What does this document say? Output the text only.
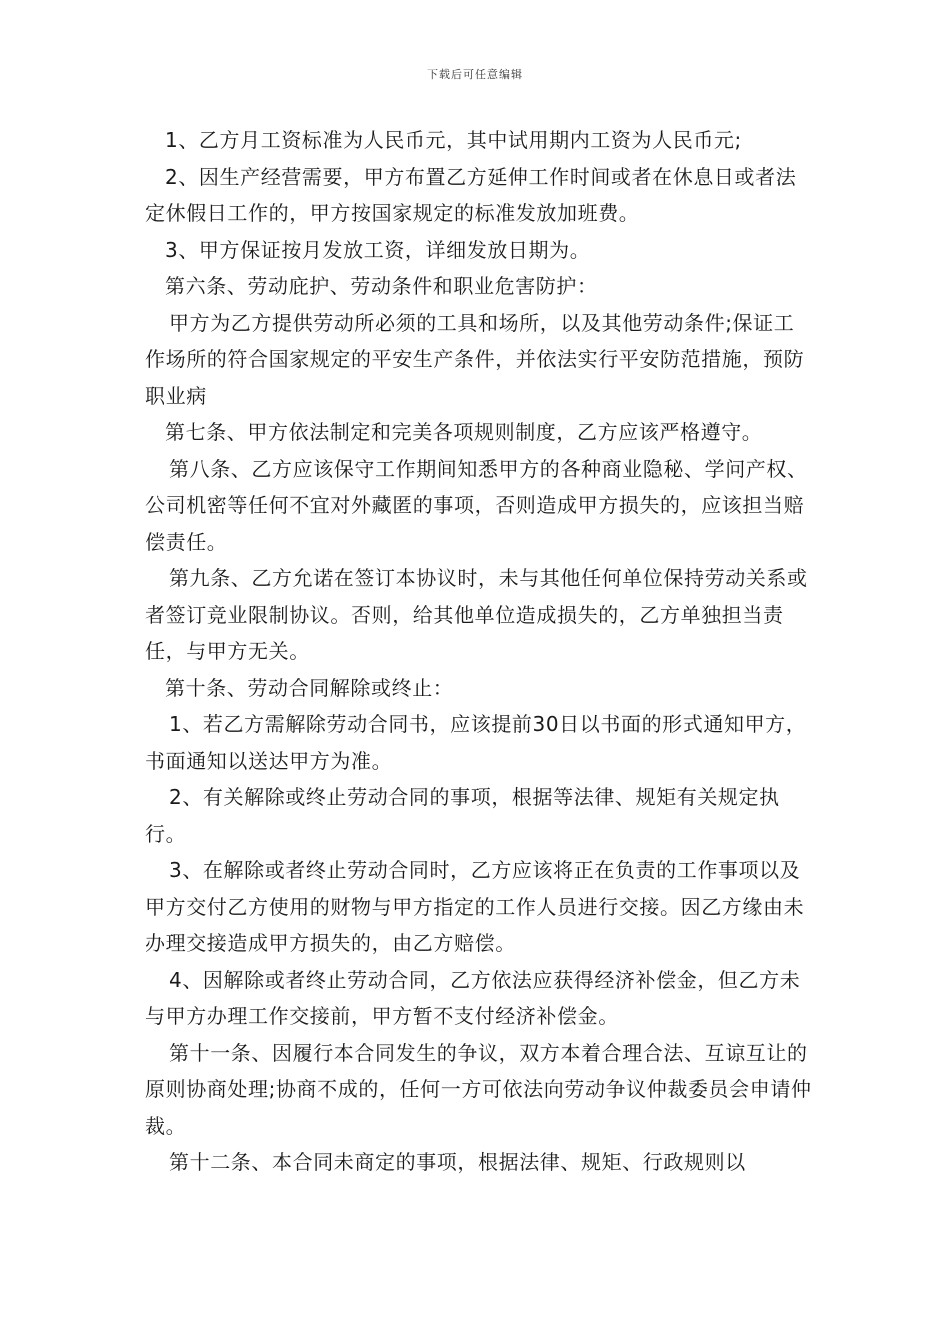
下载后可任意编辑

1、乙方月工资标准为人民币元，其中试用期内工资为人民币元;

2、因生产经营需要，甲方布置乙方延伸工作时间或者在休息日或者法定休假日工作的，甲方按国家规定的标准发放加班费。

3、甲方保证按月发放工资，详细发放日期为。

第六条、劳动庇护、劳动条件和职业危害防护：

甲方为乙方提供劳动所必须的工具和场所，以及其他劳动条件;保证工作场所的符合国家规定的平安生产条件，并依法实行平安防范措施，预防职业病

第七条、甲方依法制定和完美各项规则制度，乙方应该严格遵守。

第八条、乙方应该保守工作期间知悉甲方的各种商业隐秘、学问产权、公司机密等任何不宜对外藏匿的事项，否则造成甲方损失的，应该担当赔偿责任。

第九条、乙方允诺在签订本协议时，未与其他任何单位保持劳动关系或者签订竞业限制协议。否则，给其他单位造成损失的，乙方单独担当责任，与甲方无关。

第十条、劳动合同解除或终止：

1、若乙方需解除劳动合同书，应该提前30日以书面的形式通知甲方，书面通知以送达甲方为准。

2、有关解除或终止劳动合同的事项，根据等法律、规矩有关规定执行。

3、在解除或者终止劳动合同时，乙方应该将正在负责的工作事项以及甲方交付乙方使用的财物与甲方指定的工作人员进行交接。因乙方缘由未办理交接造成甲方损失的，由乙方赔偿。

4、因解除或者终止劳动合同，乙方依法应获得经济补偿金，但乙方未与甲方办理工作交接前，甲方暂不支付经济补偿金。

第十一条、因履行本合同发生的争议，双方本着合理合法、互谅互让的原则协商处理;协商不成的，任何一方可依法向劳动争议仲裁委员会申请仲裁。

第十二条、本合同未商定的事项，根据法律、规矩、行政规则以
